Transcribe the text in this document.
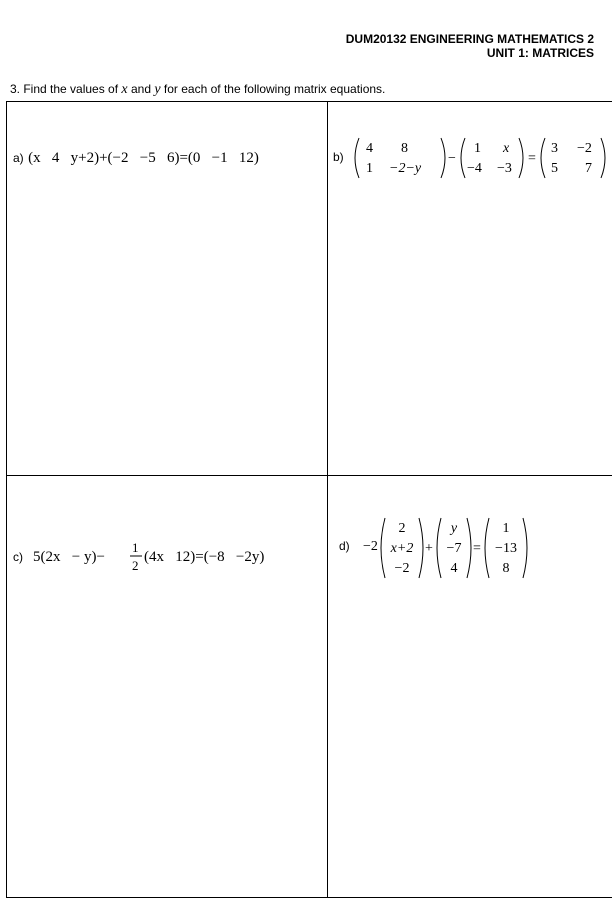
DUM20132 ENGINEERING MATHEMATICS 2
UNIT 1: MATRICES
3. Find the values of x and y for each of the following matrix equations.
a) (x   4   y+2)+(−2   −5   6)=(0   −1   12)	b)
4 8
1 −2−y
−
1 x
−4 −3
=
3 −2
5 7
c) 5(2x   − y)−
1
2
(4x   12)=(−8   −2y)
d) −2
2
x+2
−2
+
y
−7
4
=
1
−13
8
